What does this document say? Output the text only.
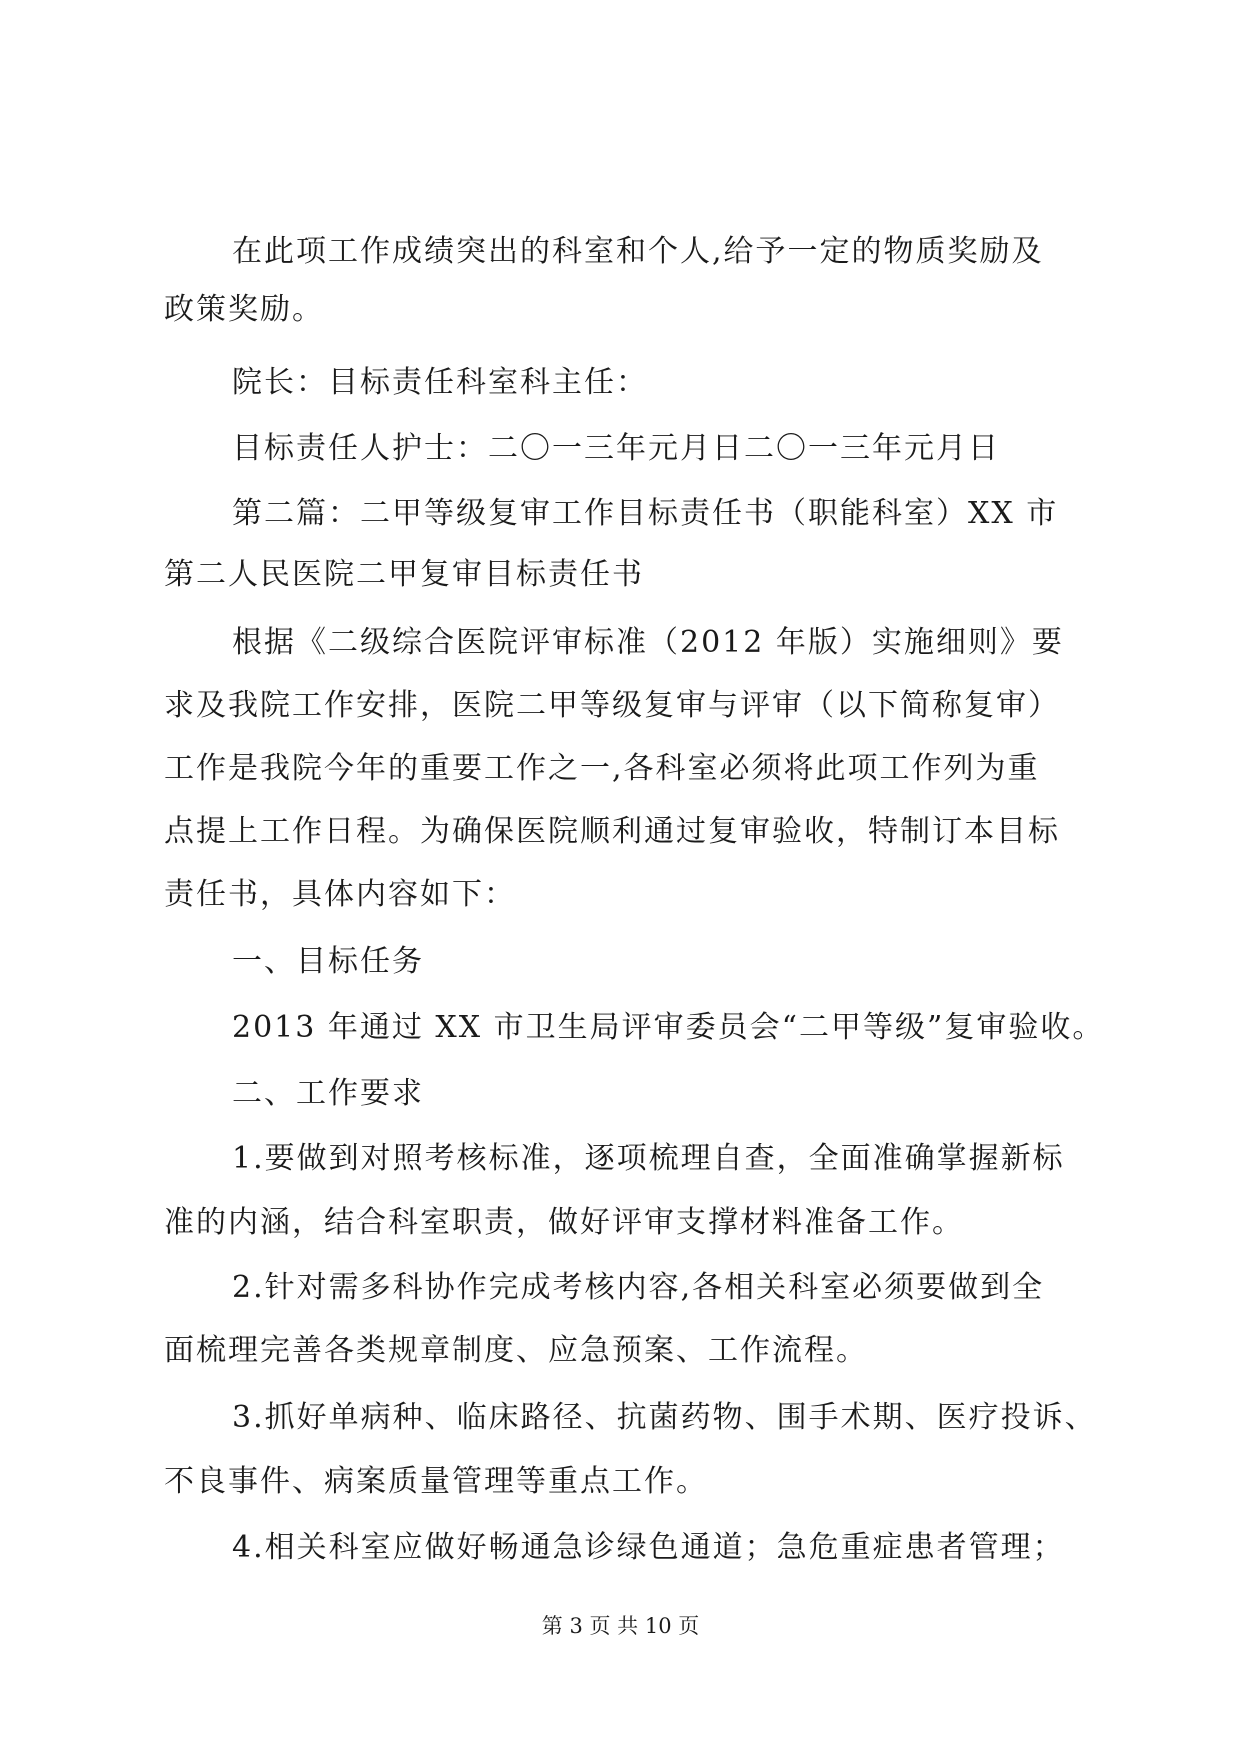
在此项工作成绩突出的科室和个人,给予一定的物质奖励及
政策奖励。
院长：目标责任科室科主任：
目标责任人护士：二〇一三年元月日二〇一三年元月日
第二篇：二甲等级复审工作目标责任书（职能科室）XX 市
第二人民医院二甲复审目标责任书
根据《二级综合医院评审标准（2012 年版）实施细则》要
求及我院工作安排，医院二甲等级复审与评审（以下简称复审）
工作是我院今年的重要工作之一,各科室必须将此项工作列为重
点提上工作日程。为确保医院顺利通过复审验收，特制订本目标
责任书，具体内容如下：
一、目标任务
2013 年通过 XX 市卫生局评审委员会“二甲等级”复审验收。
二、工作要求
1.要做到对照考核标准，逐项梳理自查，全面准确掌握新标
准的内涵，结合科室职责，做好评审支撑材料准备工作。
2.针对需多科协作完成考核内容,各相关科室必须要做到全
面梳理完善各类规章制度、应急预案、工作流程。
3.抓好单病种、临床路径、抗菌药物、围手术期、医疗投诉、
不良事件、病案质量管理等重点工作。
4.相关科室应做好畅通急诊绿色通道；急危重症患者管理；
第 3 页 共 10 页
